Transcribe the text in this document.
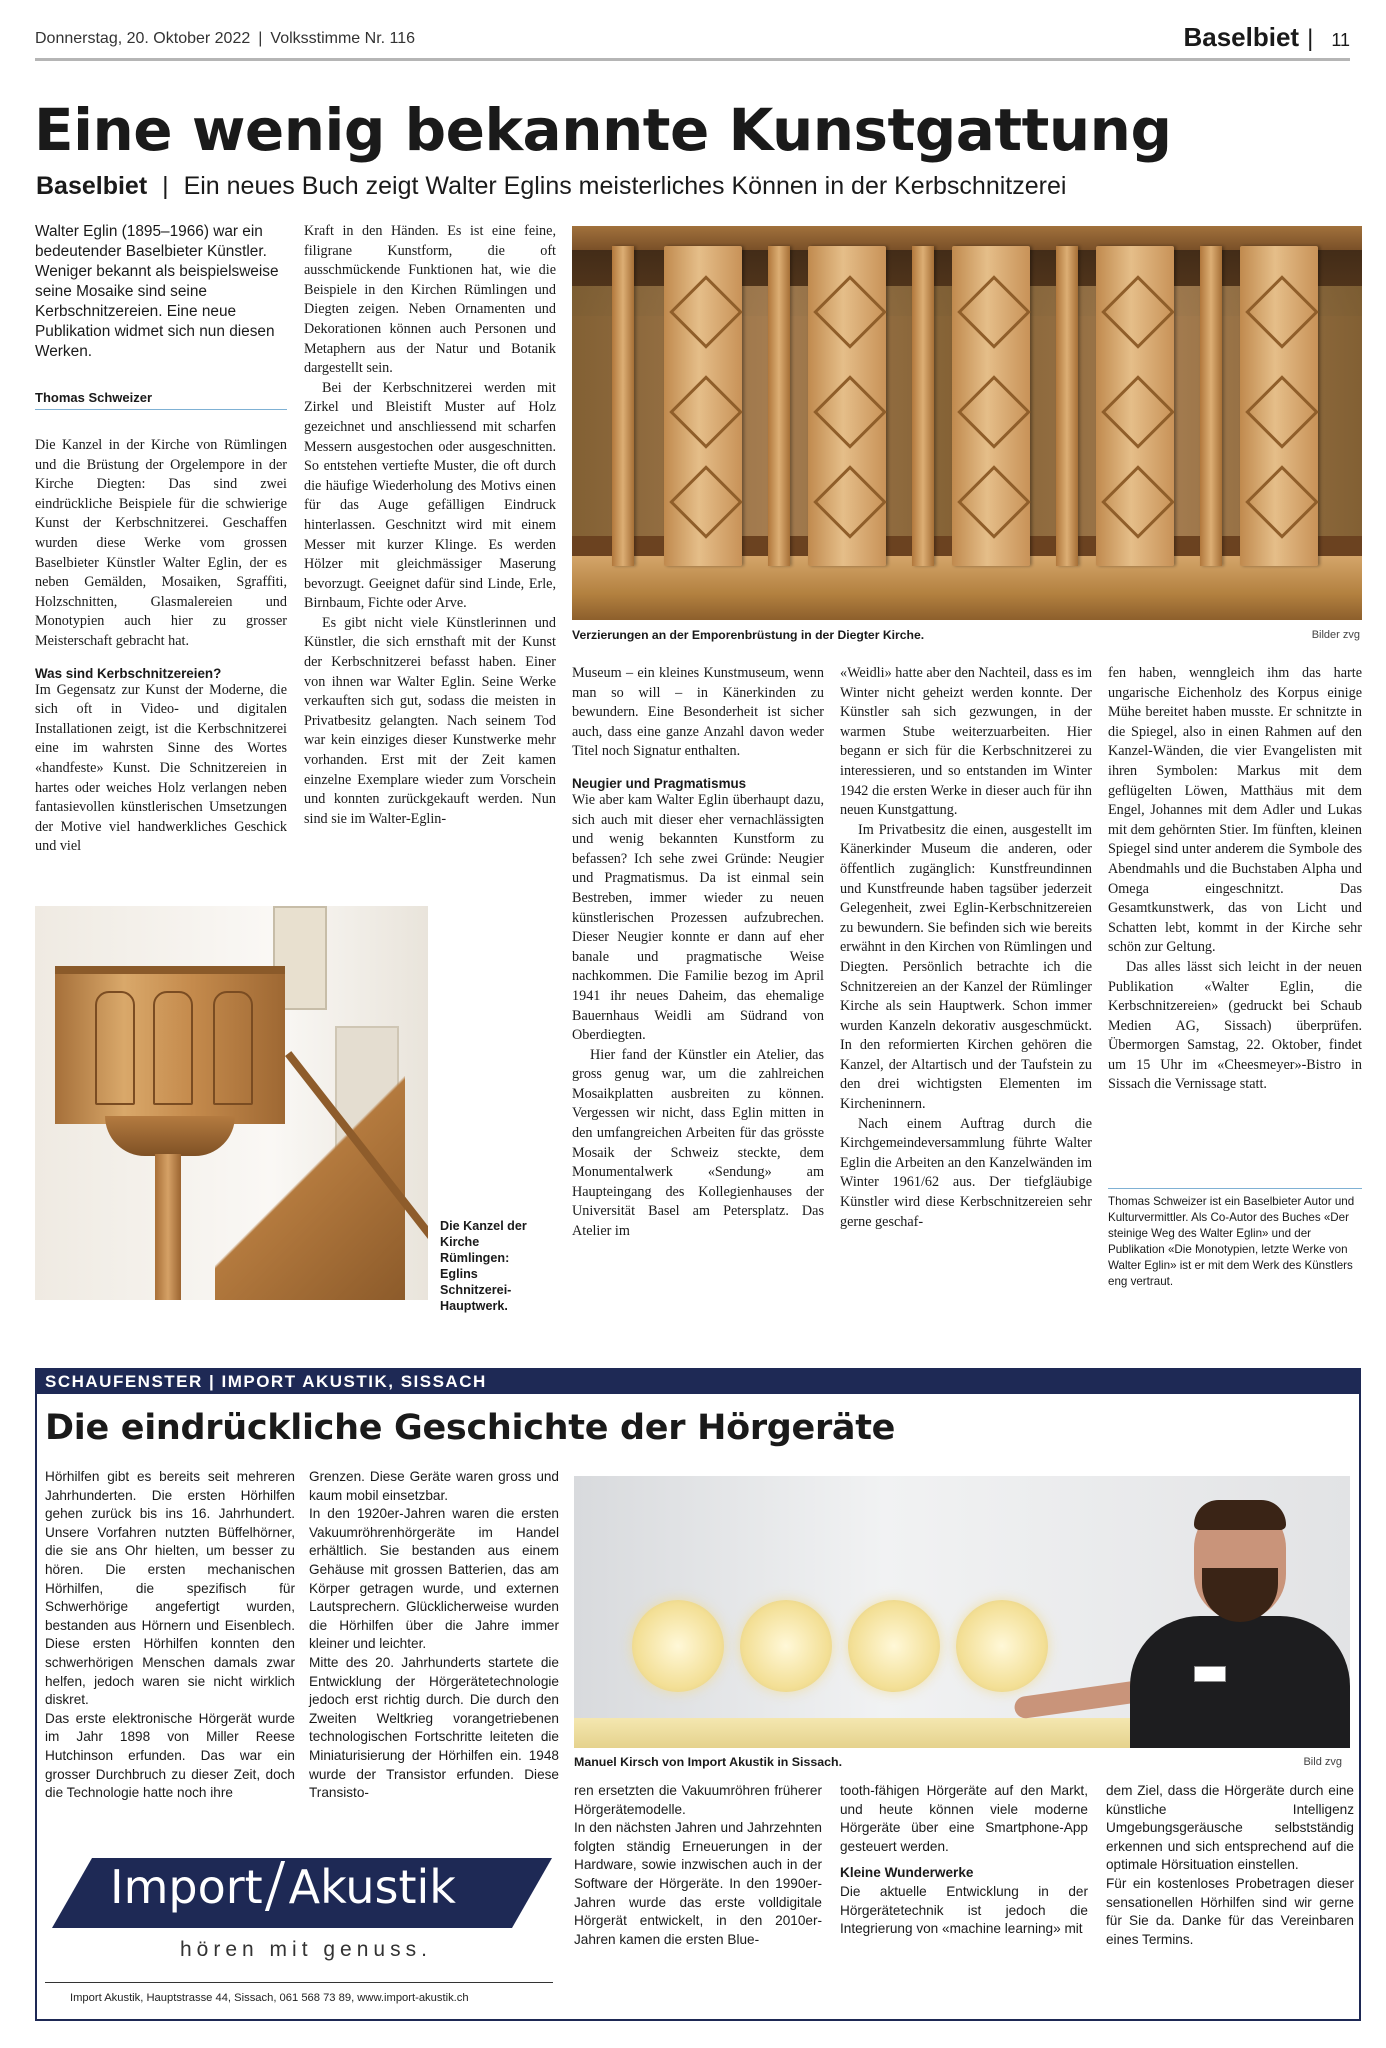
Donnerstag, 20. Oktober 2022 | Volksstimme Nr. 116	Baselbiet | 11
Eine wenig bekannte Kunstgattung
Baselbiet | Ein neues Buch zeigt Walter Eglins meisterliches Können in der Kerbschnitzerei

Walter Eglin (1895–1966) war ein bedeutender Baselbieter Künstler. Weniger bekannt als beispielsweise seine Mosaike sind seine Kerbschnitzereien. Eine neue Publikation widmet sich nun diesen Werken.

Thomas Schweizer

Die Kanzel in der Kirche von Rümlingen und die Brüstung der Orgelempore in der Kirche Diegten: Das sind zwei eindrückliche Beispiele für die schwierige Kunst der Kerbschnitzerei. Geschaffen wurden diese Werke vom grossen Baselbieter Künstler Walter Eglin, der es neben Gemälden, Mosaiken, Sgraffiti, Holzschnitten, Glasmalereien und Monotypien auch hier zu grosser Meisterschaft gebracht hat.

Was sind Kerbschnitzereien?

Im Gegensatz zur Kunst der Moderne, die sich oft in Video- und digitalen Installationen zeigt, ist die Kerbschnitzerei eine im wahrsten Sinne des Wortes «handfeste» Kunst. Die Schnitzereien in hartes oder weiches Holz verlangen neben fantasievollen künstlerischen Umsetzungen der Motive viel handwerkliches Geschick und viel

Kraft in den Händen. Es ist eine feine, filigrane Kunstform, die oft ausschmückende Funktionen hat, wie die Beispiele in den Kirchen Rümlingen und Diegten zeigen. Neben Ornamenten und Dekorationen können auch Personen und Metaphern aus der Natur und Botanik dargestellt sein.

Bei der Kerbschnitzerei werden mit Zirkel und Bleistift Muster auf Holz gezeichnet und anschliessend mit scharfen Messern ausgestochen oder ausgeschnitten. So entstehen vertiefte Muster, die oft durch die häufige Wiederholung des Motivs einen für das Auge gefälligen Eindruck hinterlassen. Geschnitzt wird mit einem Messer mit kurzer Klinge. Es werden Hölzer mit gleichmässiger Maserung bevorzugt. Geeignet dafür sind Linde, Erle, Birnbaum, Fichte oder Arve.

Es gibt nicht viele Künstlerinnen und Künstler, die sich ernsthaft mit der Kunst der Kerbschnitzerei befasst haben. Einer von ihnen war Walter Eglin. Seine Werke verkauften sich gut, sodass die meisten in Privatbesitz gelangten. Nach seinem Tod war kein einziges dieser Kunstwerke mehr vorhanden. Erst mit der Zeit kamen einzelne Exemplare wieder zum Vorschein und konnten zurückgekauft werden. Nun sind sie im Walter-Eglin-

Verzierungen an der Emporenbrüstung in der Diegter Kirche.	Bilder zvg
Die Kanzel der Kirche Rümlingen: Eglins Schnitzerei-Hauptwerk.

Museum – ein kleines Kunstmuseum, wenn man so will – in Känerkinden zu bewundern. Eine Besonderheit ist sicher auch, dass eine ganze Anzahl davon weder Titel noch Signatur enthalten.

Neugier und Pragmatismus

Wie aber kam Walter Eglin überhaupt dazu, sich auch mit dieser eher vernachlässigten und wenig bekannten Kunstform zu befassen? Ich sehe zwei Gründe: Neugier und Pragmatismus. Da ist einmal sein Bestreben, immer wieder zu neuen künstlerischen Prozessen aufzubrechen. Dieser Neugier konnte er dann auf eher banale und pragmatische Weise nachkommen. Die Familie bezog im April 1941 ihr neues Daheim, das ehemalige Bauernhaus Weidli am Südrand von Oberdiegten.

Hier fand der Künstler ein Atelier, das gross genug war, um die zahlreichen Mosaikplatten ausbreiten zu können. Vergessen wir nicht, dass Eglin mitten in den umfangreichen Arbeiten für das grösste Mosaik der Schweiz steckte, dem Monumentalwerk «Sendung» am Haupteingang des Kollegienhauses der Universität Basel am Petersplatz. Das Atelier im

«Weidli» hatte aber den Nachteil, dass es im Winter nicht geheizt werden konnte. Der Künstler sah sich gezwungen, in der warmen Stube weiterzuarbeiten. Hier begann er sich für die Kerbschnitzerei zu interessieren, und so entstanden im Winter 1942 die ersten Werke in dieser auch für ihn neuen Kunstgattung.

Im Privatbesitz die einen, ausgestellt im Känerkinder Museum die anderen, oder öffentlich zugänglich: Kunstfreundinnen und Kunstfreunde haben tagsüber jederzeit Gelegenheit, zwei Eglin-Kerbschnitzereien zu bewundern. Sie befinden sich wie bereits erwähnt in den Kirchen von Rümlingen und Diegten. Persönlich betrachte ich die Schnitzereien an der Kanzel der Rümlinger Kirche als sein Hauptwerk. Schon immer wurden Kanzeln dekorativ ausgeschmückt. In den reformierten Kirchen gehören die Kanzel, der Altartisch und der Taufstein zu den drei wichtigsten Elementen im Kircheninnern.

Nach einem Auftrag durch die Kirchgemeindeversammlung führte Walter Eglin die Arbeiten an den Kanzelwänden im Winter 1961/62 aus. Der tiefgläubige Künstler wird diese Kerbschnitzereien sehr gerne geschaf-

fen haben, wenngleich ihm das harte ungarische Eichenholz des Korpus einige Mühe bereitet haben musste. Er schnitzte in die Spiegel, also in einen Rahmen auf den Kanzel-Wänden, die vier Evangelisten mit ihren Symbolen: Markus mit dem geflügelten Löwen, Matthäus mit dem Engel, Johannes mit dem Adler und Lukas mit dem gehörnten Stier. Im fünften, kleinen Spiegel sind unter anderem die Symbole des Abendmahls und die Buchstaben Alpha und Omega eingeschnitzt. Das Gesamtkunstwerk, das von Licht und Schatten lebt, kommt in der Kirche sehr schön zur Geltung.

Das alles lässt sich leicht in der neuen Publikation «Walter Eglin, die Kerbschnitzereien» (gedruckt bei Schaub Medien AG, Sissach) überprüfen. Übermorgen Samstag, 22. Oktober, findet um 15 Uhr im «Cheesmeyer»-Bistro in Sissach die Vernissage statt.

Thomas Schweizer ist ein Baselbieter Autor und Kulturvermittler. Als Co-Autor des Buches «Der steinige Weg des Walter Eglin» und der Publikation «Die Monotypien, letzte Werke von Walter Eglin» ist er mit dem Werk des Künstlers eng vertraut.
SCHAUFENSTER | IMPORT AKUSTIK, SISSACH
Die eindrückliche Geschichte der Hörgeräte

Hörhilfen gibt es bereits seit mehreren Jahrhunderten. Die ersten Hörhilfen gehen zurück bis ins 16. Jahrhundert. Unsere Vorfahren nutzten Büffelhörner, die sie ans Ohr hielten, um besser zu hören. Die ersten mechanischen Hörhilfen, die spezifisch für Schwerhörige angefertigt wurden, bestanden aus Hörnern und Eisenblech. Diese ersten Hörhilfen konnten den schwerhörigen Menschen damals zwar helfen, jedoch waren sie nicht wirklich diskret.

Das erste elektronische Hörgerät wurde im Jahr 1898 von Miller Reese Hutchinson erfunden. Das war ein grosser Durchbruch zu dieser Zeit, doch die Technologie hatte noch ihre

Grenzen. Diese Geräte waren gross und kaum mobil einsetzbar.

In den 1920er-Jahren waren die ersten Vakuumröhrenhörgeräte im Handel erhältlich. Sie bestanden aus einem Gehäuse mit grossen Batterien, das am Körper getragen wurde, und externen Lautsprechern. Glücklicherweise wurden die Hörhilfen über die Jahre immer kleiner und leichter.

Mitte des 20. Jahrhunderts startete die Entwicklung der Hörgerätetechnologie jedoch erst richtig durch. Die durch den Zweiten Weltkrieg vorangetriebenen technologischen Fortschritte leiteten die Miniaturisierung der Hörhilfen ein. 1948 wurde der Transistor erfunden. Diese Transisto-

Manuel Kirsch von Import Akustik in Sissach.	Bild zvg

ren ersetzten die Vakuumröhren früherer Hörgerätemodelle.

In den nächsten Jahren und Jahrzehnten folgten ständig Erneuerungen in der Hardware, sowie inzwischen auch in der Software der Hörgeräte. In den 1990er-Jahren wurde das erste volldigitale Hörgerät entwickelt, in den 2010er-Jahren kamen die ersten Blue-

tooth-fähigen Hörgeräte auf den Markt, und heute können viele moderne Hörgeräte über eine Smartphone-App gesteuert werden.

Kleine Wunderwerke

Die aktuelle Entwicklung in der Hörgerätetechnik ist jedoch die Integrierung von «machine learning» mit

dem Ziel, dass die Hörgeräte durch eine künstliche Intelligenz Umgebungsgeräusche selbstständig erkennen und sich entsprechend auf die optimale Hörsituation einstellen.

Für ein kostenloses Probetragen dieser sensationellen Hörhilfen sind wir gerne für Sie da. Danke für das Vereinbaren eines Termins.

Import Akustik
hören mit genuss.
Import Akustik, Hauptstrasse 44, Sissach, 061 568 73 89, www.import-akustik.ch
